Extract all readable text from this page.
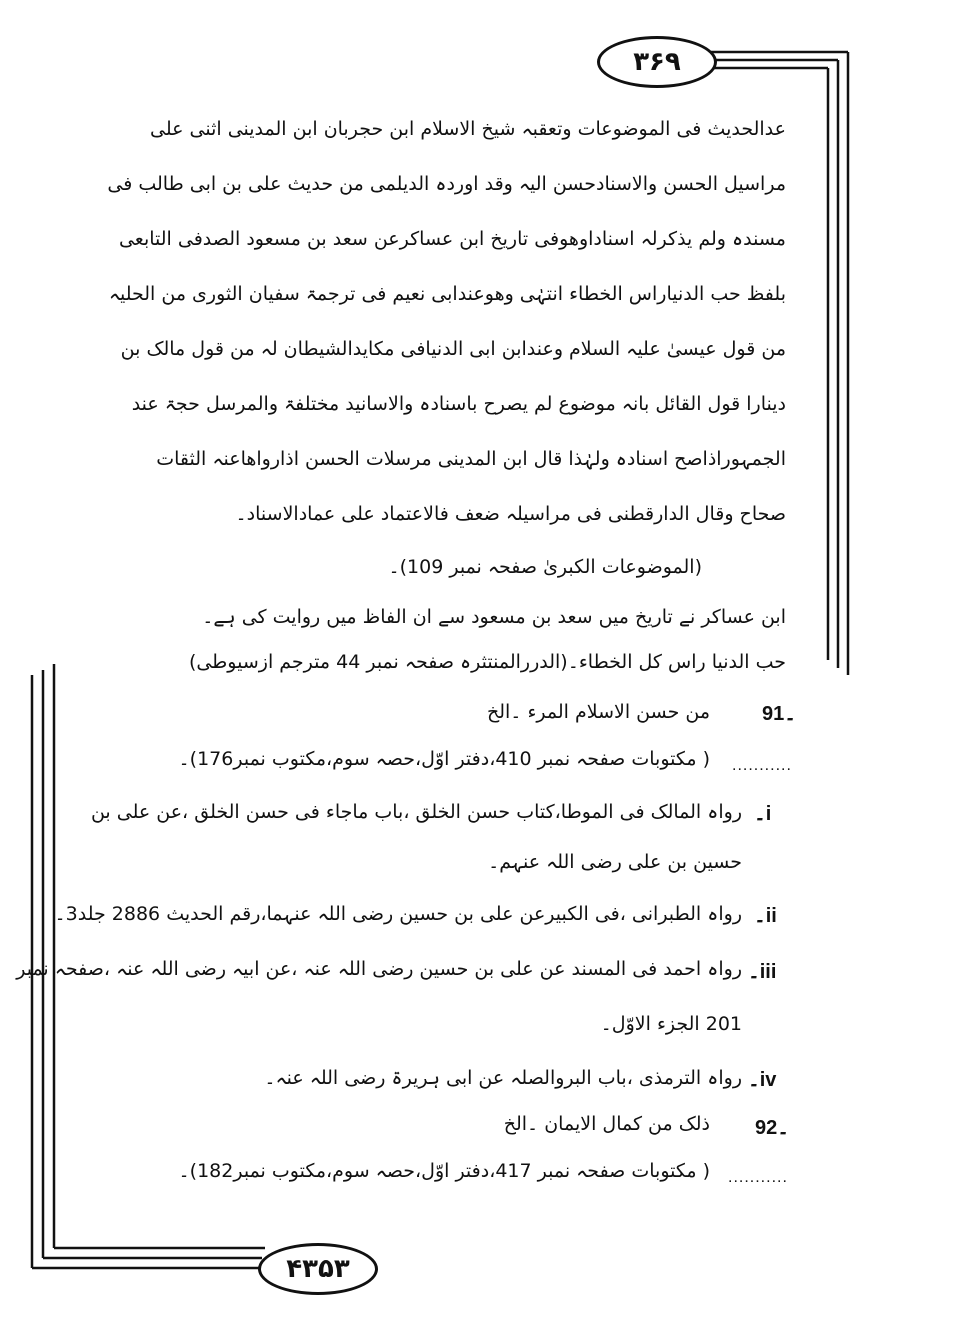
۳۶۹
۴۳۵۳
عدالحدیث فی الموضوعات وتعقبہ شیخ الاسلام ابن حجربان ابن المدینی اثنی علی
مراسیل الحسن والاسنادحسن الیہ وقد اوردہ الدیلمی من حدیث علی بن ابی طالب فی
مسندہ ولم یذکرلہ اسناداوھوفی تاریخ ابن عساکرعن سعد بن مسعود الصدفی التابعی
بلفظ حب الدنیاراس الخطاء انتہٰی وھوعندابی نعیم فی ترجمۃ سفیان الثوری من الحلیہ
من قول عیسیٰ علیہ السلام وعندابن ابی الدنیافی مکایدالشیطان لہ من قول مالک بن
دینارا قول القائل بانہ موضوع لم یصرح باسنادہ والاسانید مختلفۃ والمرسل حجۃ عند
الجمہوراذاصح اسنادہ ولہٰذا قال ابن المدینی مرسلات الحسن اذارواھاعنہ الثقات
صحاح وقال الدارقطنی فی مراسیلہ ضعف فالاعتماد علی عمادالاسناد۔
(الموضوعات الکبریٰ صفحہ نمبر 109)۔
ابن عساکر نے تاریخ میں سعد بن مسعود سے ان الفاظ میں روایت کی ہے۔
حب الدنیا راس کل الخطاء۔(الدررالمنتثرہ صفحہ نمبر 44 مترجم ازسیوطی)
91۔
من حسن الاسلام المرء ۔الخ
( مکتوبات صفحہ نمبر 410،دفتر اوّل،حصہ سوم،مکتوب نمبر176)۔ ...........
۔i
رواہ المالک فی الموطا،کتاب حسن الخلق ،باب ماجاء فی حسن الخلق ،عن علی بن
حسین بن علی رضی اللہ عنہم۔
۔ii
رواہ الطبرانی ،فی الکبیرعن علی بن حسین رضی اللہ عنہما،رقم الحدیث 2886 جلد3۔
۔iii
رواہ احمد فی المسند عن علی بن حسین رضی اللہ عنہ ،عن ابیہ رضی اللہ عنہ ،صفحہ نمبر
201 الجزء الاوّل۔
۔iv
رواہ الترمذی ،باب البروالصلہ عن ابی ہریرۃ رضی اللہ عنہ۔
92۔
ذلک من کمال الایمان ۔الخ
( مکتوبات صفحہ نمبر 417،دفتر اوّل،حصہ سوم،مکتوب نمبر182)۔ ...........
